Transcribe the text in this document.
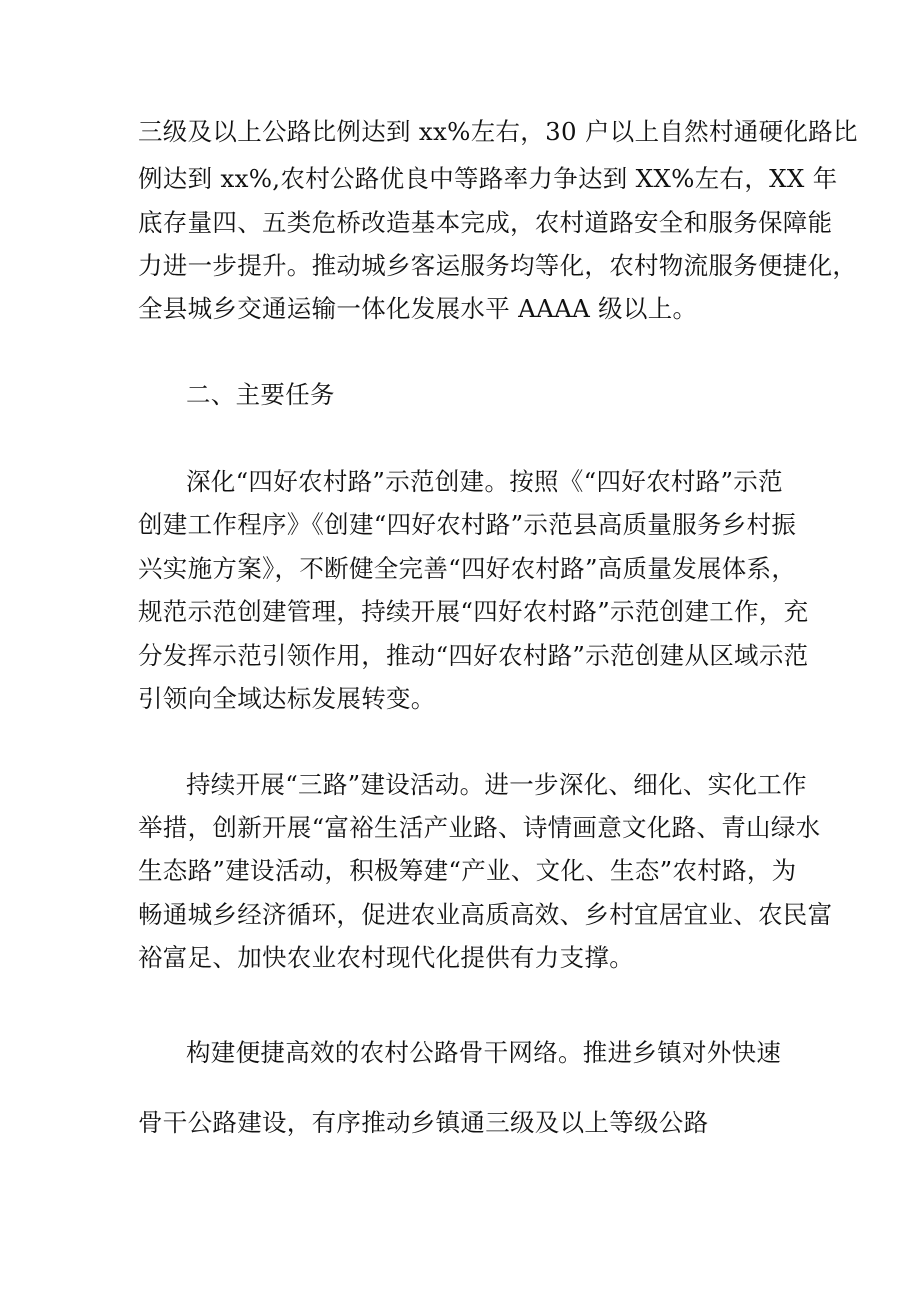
三级及以上公路比例达到 xx%左右，30 户以上自然村通硬化路比
例达到 xx%,农村公路优良中等路率力争达到 XX%左右，XX 年
底存量四、五类危桥改造基本完成，农村道路安全和服务保障能
力进一步提升。推动城乡客运服务均等化，农村物流服务便捷化，
全县城乡交通运输一体化发展水平 AAAA 级以上。
二、主要任务
深化“四好农村路”示范创建。按照《“四好农村路”示范
创建工作程序》《创建“四好农村路”示范县高质量服务乡村振
兴实施方案》，不断健全完善“四好农村路”高质量发展体系，
规范示范创建管理，持续开展“四好农村路”示范创建工作，充
分发挥示范引领作用，推动“四好农村路”示范创建从区域示范
引领向全域达标发展转变。
持续开展“三路”建设活动。进一步深化、细化、实化工作
举措，创新开展“富裕生活产业路、诗情画意文化路、青山绿水
生态路”建设活动，积极筹建“产业、文化、生态”农村路，为
畅通城乡经济循环，促进农业高质高效、乡村宜居宜业、农民富
裕富足、加快农业农村现代化提供有力支撑。
构建便捷高效的农村公路骨干网络。推进乡镇对外快速
骨干公路建设，有序推动乡镇通三级及以上等级公路
